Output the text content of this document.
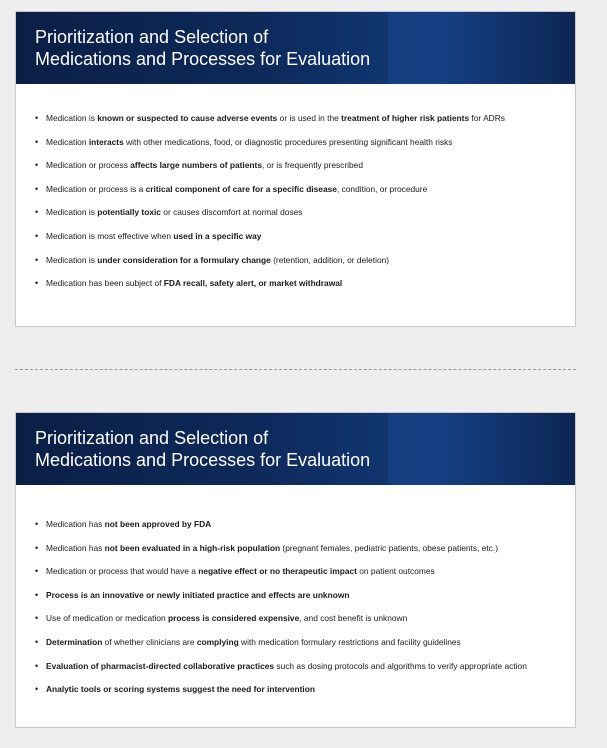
Prioritization and Selection of
Medications and Processes for Evaluation
• Medication is known or suspected to cause adverse events or is used in the treatment of higher risk patients for ADRs
• Medication interacts with other medications, food, or diagnostic procedures presenting significant health risks
• Medication or process affects large numbers of patients, or is frequently prescribed
• Medication or process is a critical component of care for a specific disease, condition, or procedure
• Medication is potentially toxic or causes discomfort at normal doses
• Medication is most effective when used in a specific way
• Medication is under consideration for a formulary change (retention, addition, or deletion)
• Medication has been subject of FDA recall, safety alert, or market withdrawal
Prioritization and Selection of
Medications and Processes for Evaluation
• Medication has not been approved by FDA
• Medication has not been evaluated in a high-risk population (pregnant females, pediatric patients, obese patients, etc.)
• Medication or process that would have a negative effect or no therapeutic impact on patient outcomes
• Process is an innovative or newly initiated practice and effects are unknown
• Use of medication or medication process is considered expensive, and cost benefit is unknown
• Determination of whether clinicians are complying with medication formulary restrictions and facility guidelines
• Evaluation of pharmacist-directed collaborative practices such as dosing protocols and algorithms to verify appropriate action
• Analytic tools or scoring systems suggest the need for intervention
